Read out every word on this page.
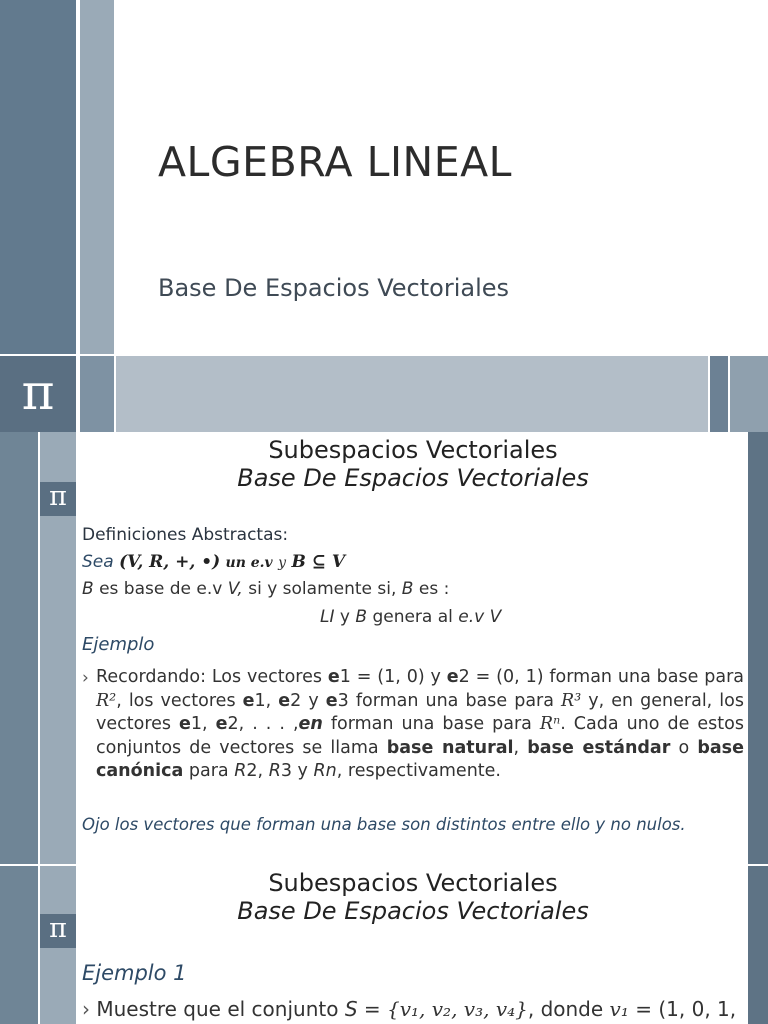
ALGEBRA LINEAL
Base De Espacios Vectoriales
π
π
Subespacios Vectoriales
Base De Espacios Vectoriales
Definiciones Abstractas:
Sea (V, R, +, •) un e.v y B ⊆ V
B es base de e.v V, si y solamente si, B es :
LI y B genera al e.v V
Ejemplo
› Recordando: Los vectores e1 = (1, 0) y e2 = (0, 1) forman una base para
R², los vectores e1, e2 y e3 forman una base para R³ y, en general, los
vectores e1, e2, . . . ,en forman una base para Rⁿ. Cada uno de estos
conjuntos de vectores se llama base natural, base estándar o base
canónica para R2, R3 y Rn, respectivamente.
Ojo los vectores que forman una base son distintos entre ello y no nulos.
π
Subespacios Vectoriales
Base De Espacios Vectoriales
Ejemplo 1
› Muestre que el conjunto S = {v₁, v₂, v₃, v₄}, donde v₁ = (1, 0, 1,
